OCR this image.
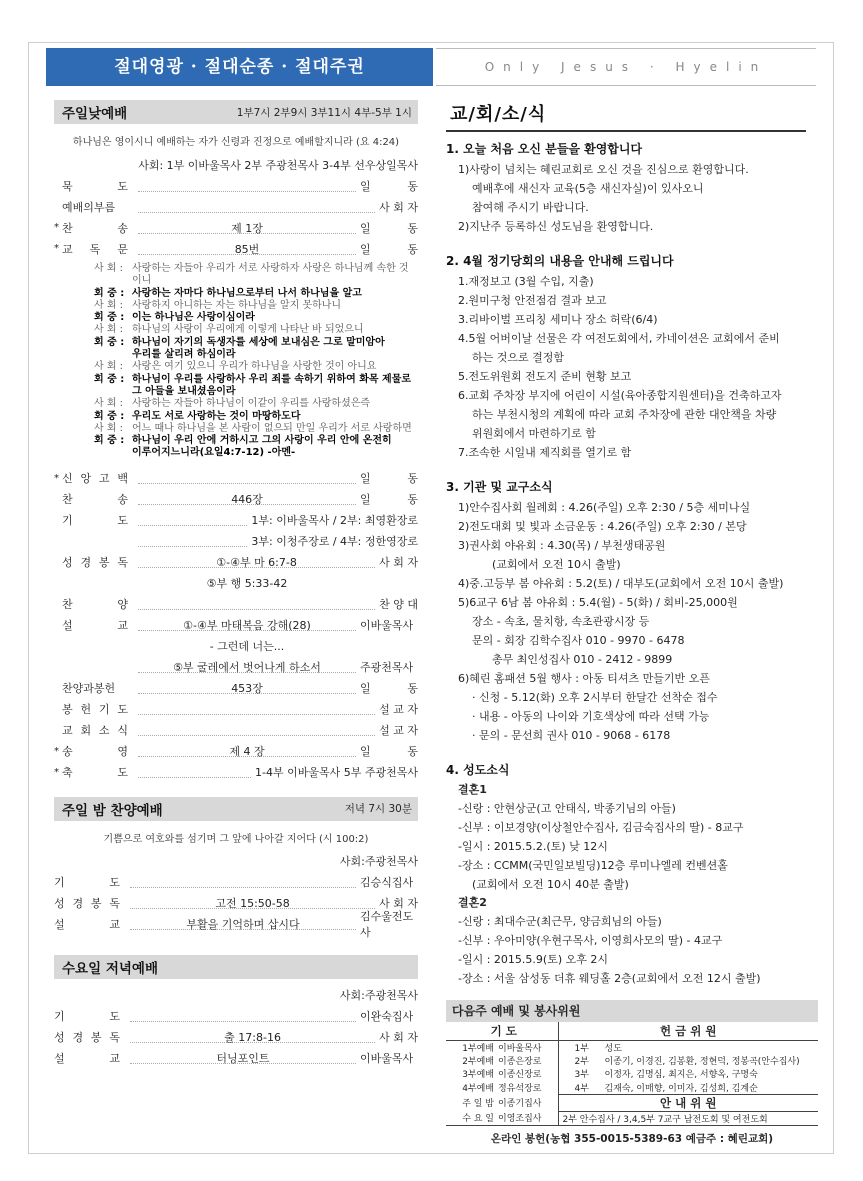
절대영광 · 절대순종 · 절대주권	Only Jesus · Hyelin
주일낮예배	1부7시 2부9시 3부11시 4부-5부 1시
하나님은 영이시니 예배하는 자가 신령과 진정으로 예배할지니라 (요 4:24)
사회: 1부 이바울목사 2부 주광천목사 3-4부 선우상일목사
묵 도	일 동
예배의부름	사 회 자
* 찬 송	제 1장	일 동
* 교 독 문	85번	일 동
사 회 : 사랑하는 자들아 우리가 서로 사랑하자 사랑은 하나님께 속한 것이니
회 중 : 사랑하는 자마다 하나님으로부터 나서 하나님을 알고
사 회 : 사랑하지 아니하는 자는 하나님을 알지 못하나니
회 중 : 이는 하나님은 사랑이심이라
사 회 : 하나님의 사랑이 우리에게 이렇게 나타난 바 되었으니
회 중 : 하나님이 자기의 독생자를 세상에 보내심은 그로 말미암아
우리를 살리려 하심이라
사 회 : 사랑은 여기 있으니 우리가 하나님을 사랑한 것이 아니요
회 중 : 하나님이 우리를 사랑하사 우리 죄를 속하기 위하여 화목 제물로
그 아들을 보내셨음이라
사 회 : 사랑하는 자들아 하나님이 이같이 우리를 사랑하셨은즉
회 중 : 우리도 서로 사랑하는 것이 마땅하도다
사 회 : 어느 때나 하나님을 본 사람이 없으되 만일 우리가 서로 사랑하면
회 중 : 하나님이 우리 안에 거하시고 그의 사랑이 우리 안에 온전히
이루어지느니라(요일4:7-12) -아멘-
* 신 앙 고 백	일 동
찬 송	446장	일 동
기 도	1부: 이바울목사 / 2부: 최영환장로
3부: 이청주장로 / 4부: 정한영장로
성 경 봉 독	①-④부 마 6:7-8	사 회 자
⑤부 행 5:33-42
찬 양	찬 양 대
설 교	①-④부 마태복음 강해(28)	이바울목사
- 그런데 너는...
⑤부 굴레에서 벗어나게 하소서	주광천목사
찬양과봉헌	453장	일 동
봉 헌 기 도	설 교 자
교 회 소 식	설 교 자
* 송 영	제 4 장	일 동
* 축 도	1-4부 이바울목사 5부 주광천목사
주일 밤 찬양예배	저녁 7시 30분
기쁨으로 여호와를 섬기며 그 앞에 나아갈 지어다 (시 100:2)
사회:주광천목사
기 도	김승식집사
성 경 봉 독	고전 15:50-58	사 회 자
설 교	부활을 기억하며 삽시다
김수울전도사
수요일 저녁예배
사회:주광천목사
기 도	이완숙집사
성 경 봉 독	출 17:8-16	사 회 자
설 교	터닝포인트	이바울목사
교/회/소/식
1. 오늘 처음 오신 분들을 환영합니다
1)사랑이 넘치는 혜린교회로 오신 것을 진심으로 환영합니다.
예배후에 새신자 교육(5층 새신자실)이 있사오니
참여해 주시기 바랍니다.
2)지난주 등록하신 성도님을 환영합니다.
2. 4월 정기당회의 내용을 안내해 드립니다
1.재정보고 (3월 수입, 지출)
2.원미구청 안전점검 결과 보고
3.리바이벌 프리칭 세미나 장소 허락(6/4)
4.5월 어버이날 선물은 각 여전도회에서, 카네이션은 교회에서 준비
하는 것으로 결정함
5.전도위원회 전도지 준비 현황 보고
6.교회 주차장 부지에 어린이 시설(육아종합지원센터)을 건축하고자
하는 부천시청의 계획에 따라 교회 주차장에 관한 대안책을 차량
위원회에서 마련하기로 함
7.조속한 시일내 제직회를 열기로 함
3. 기관 및 교구소식
1)안수집사회 월례회 : 4.26(주일) 오후 2:30 / 5층 세미나실
2)전도대회 및 빛과 소금운동 : 4.26(주일) 오후 2:30 / 본당
3)권사회 야유회 : 4.30(목) / 부천생태공원
(교회에서 오전 10시 출발)
4)중.고등부 봄 야유회 : 5.2(토) / 대부도(교회에서 오전 10시 출발)
5)6교구 6남 봄 야유회 : 5.4(월) - 5(화) / 회비-25,000원
장소 - 속초, 물치항, 속초관광시장 등
문의 - 회장 김학수집사 010 - 9970 - 6478
총무 최인성집사 010 - 2412 - 9899
6)혜린 홈패션 5월 행사 : 아동 티셔츠 만들기반 오픈
· 신청 - 5.12(화) 오후 2시부터 한달간 선착순 접수
· 내용 - 아동의 나이와 기호색상에 따라 선택 가능
· 문의 - 문선희 권사 010 - 9068 - 6178
4. 성도소식
결혼1
-신랑 : 안현상군(고 안태식, 박종기님의 아들)
-신부 : 이보경양(이상철안수집사, 김금숙집사의 딸) - 8교구
-일시 : 2015.5.2.(토) 낮 12시
-장소 : CCMM(국민일보빌딩)12층 루미나엘레 컨벤션홀
(교회에서 오전 10시 40분 출발)
결혼2
-신랑 : 최대수군(최근무, 양금희님의 아들)
-신부 : 우아미양(우현구목사, 이영희사모의 딸) - 4교구
-일시 : 2015.5.9(토) 오후 2시
-장소 : 서울 삼성동 더휴 웨딩홀 2층(교회에서 오전 12시 출발)
다음주 예배 및 봉사위원
기 도	헌 금 위 원
1부예배 이바울목사	1부 성도
2부예배 이종은장로	2부 이종기, 이경진, 김봉환, 정현덕, 정봉곡(안수집사)
3부예배 이종신장로	3부 이정자, 김명심, 최지은, 서향옥, 구명숙
4부예배 정유석장로	4부 김재숙, 이매향, 이미자, 김성희, 김계순
주 일 밤 이종기집사	안 내 위 원
수 요 일 이영조집사	2부 안수집사 / 3,4,5부 7교구 남전도회 및 여전도회
온라인 봉헌(농협 355-0015-5389-63 예금주 : 혜린교회)	
